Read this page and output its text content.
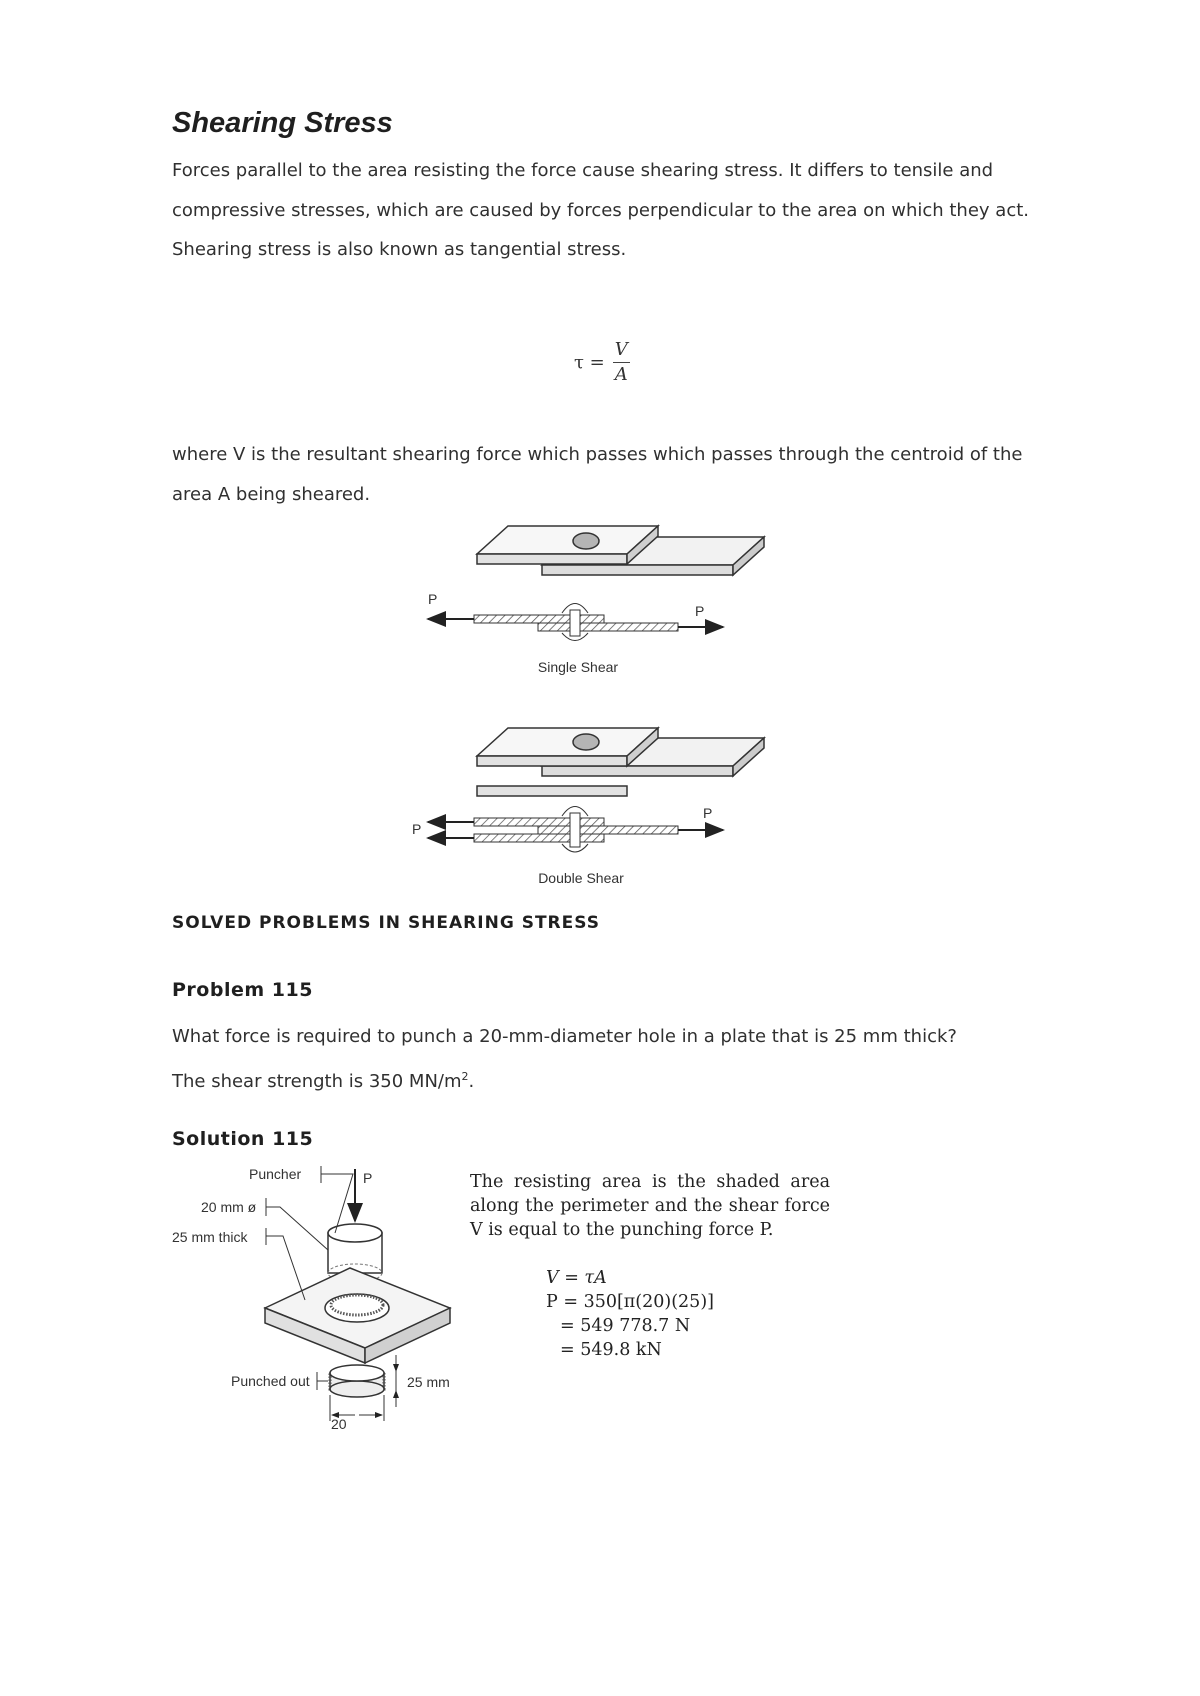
Shearing Stress

Forces parallel to the area resisting the force cause shearing stress. It differs to tensile and compressive stresses, which are caused by forces perpendicular to the area on which they act. Shearing stress is also known as tangential stress.

$\tau = \frac{V}{A}$

where V is the resultant shearing force which passes which passes through the centroid of the area A being sheared.

P
P
Single Shear
P
P
Double Shear
SOLVED PROBLEMS IN SHEARING STRESS
Problem 115

What force is required to punch a 20-mm-diameter hole in a plate that is 25 mm thick?
The shear strength is 350 $MN/m^2$.

Solution 115
P
Puncher
20 mm ø
25 mm thick
Punched out	25 mm
20

The resisting area is the shaded area along the perimeter and the shear force V is equal to the punching force P.

V = τA

P = 350[π(20)(25)]

= 549 778.7 N

= 549.8 kN
